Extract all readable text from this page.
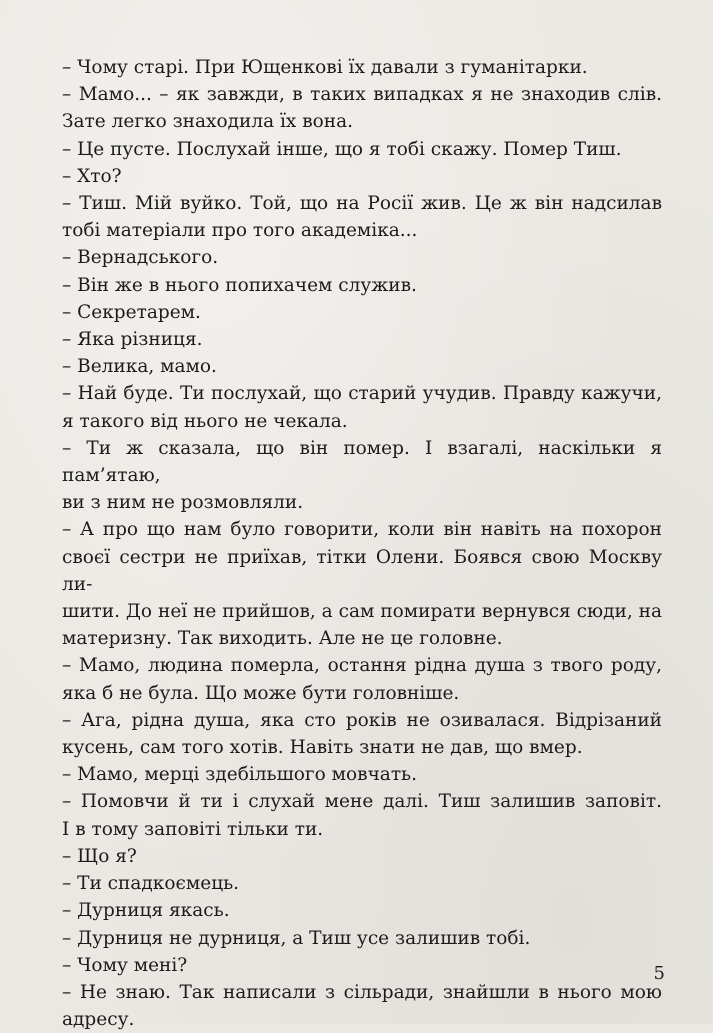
– Чому старі. При Ющенкові їх давали з гуманітарки.
– Мамо... – як завжди, в таких випадках я не знаходив слів.
Зате легко знаходила їх вона.
– Це пусте. Послухай інше, що я тобі скажу. Помер Тиш.
– Хто?
– Тиш. Мій вуйко. Той, що на Росії жив. Це ж він надсилав
тобі матеріали про того академіка...
– Вернадського.
– Він же в нього попихачем служив.
– Секретарем.
– Яка різниця.
– Велика, мамо.
– Най буде. Ти послухай, що старий учудив. Правду кажучи,
я такого від нього не чекала.
– Ти ж сказала, що він помер. І взагалі, наскільки я пам’ятаю,
ви з ним не розмовляли.
– А про що нам було говорити, коли він навіть на похорон
своєї сестри не приїхав, тітки Олени. Боявся свою Москву ли-
шити. До неї не прийшов, а сам помирати вернувся сюди, на
материзну. Так виходить. Але не це головне.
– Мамо, людина померла, остання рідна душа з твого роду,
яка б не була. Що може бути головніше.
– Ага, рідна душа, яка сто років не озивалася. Відрізаний
кусень, сам того хотів. Навіть знати не дав, що вмер.
– Мамо, мерці здебільшого мовчать.
– Помовчи й ти і слухай мене далі. Тиш залишив заповіт.
І в тому заповіті тільки ти.
– Що я?
– Ти спадкоємець.
– Дурниця якась.
– Дурниця не дурниця, а Тиш усе залишив тобі.
– Чому мені?
– Не знаю. Так написали з сільради, знайшли в нього мою
адресу.
5
